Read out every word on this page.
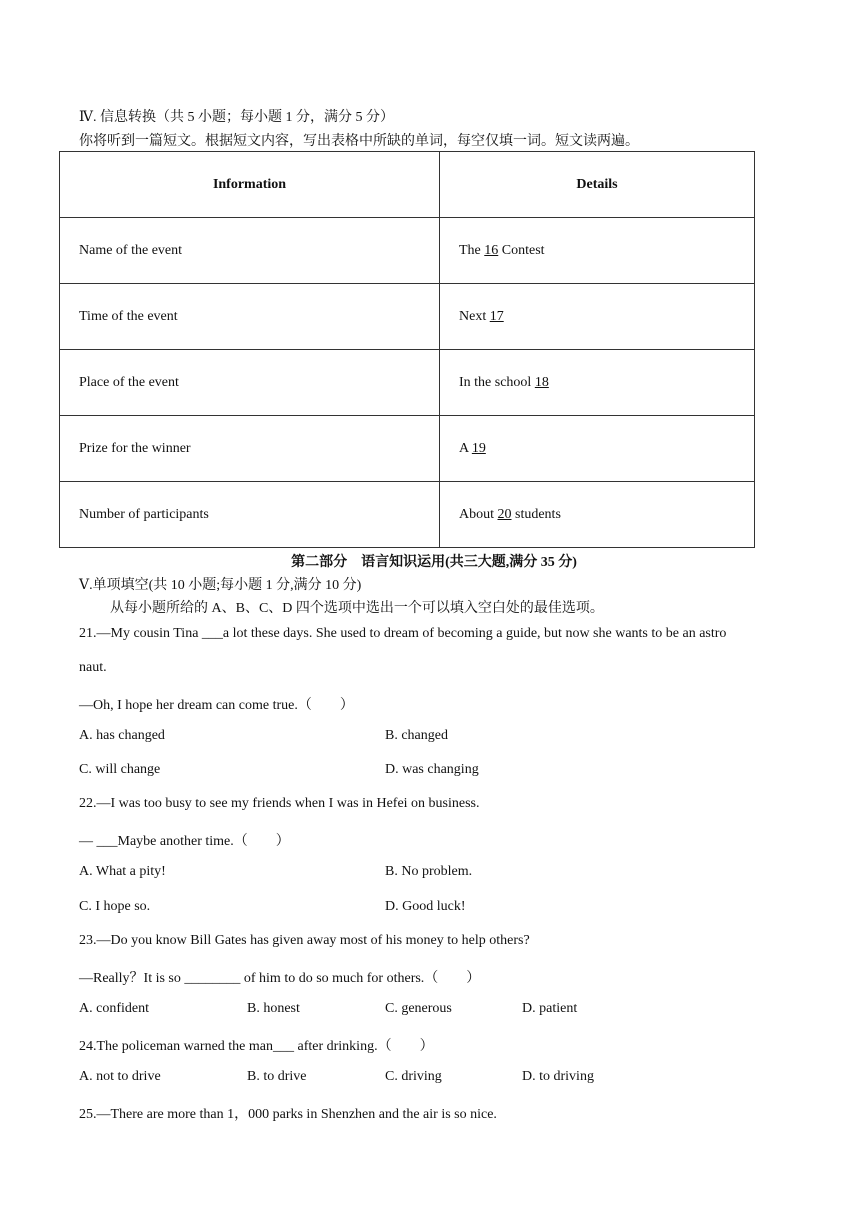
Ⅳ. 信息转换（共 5 小题；每小题 1 分，满分 5 分）
你将听到一篇短文。根据短文内容，写出表格中所缺的单词，每空仅填一词。短文读两遍。
Information	Details
Name of the event	The 16 Contest
Time of the event	Next 17
Place of the event	In the school 18
Prize for the winner	A 19
Number of participants	About 20 students
第二部分　语言知识运用(共三大题,满分 35 分)
Ⅴ.单项填空(共 10 小题;每小题 1 分,满分 10 分)
从每小题所给的 A、B、C、D 四个选项中选出一个可以填入空白处的最佳选项。
21.—My cousin Tina ___a lot these days. She used to dream of becoming a guide, but now she wants to be an astro
naut.
—Oh, I hope her dream can come true.（　　）
A. has changed	B. changed
C. will change	D. was changing
22.—I was too busy to see my friends when I was in Hefei on business.
— ___Maybe another time.（　　）
A. What a pity!	B. No problem.
C. I hope so.	D. Good luck!
23.—Do you know Bill Gates has given away most of his money to help others?
—Really？It is so ________ of him to do so much for others.（　　）
A. confident	B. honest	C. generous	D. patient
24.The policeman warned the man___ after drinking.（　　）
A. not to drive	B. to drive	C. driving	D. to driving
25.—There are more than 1，000 parks in Shenzhen and the air is so nice.
